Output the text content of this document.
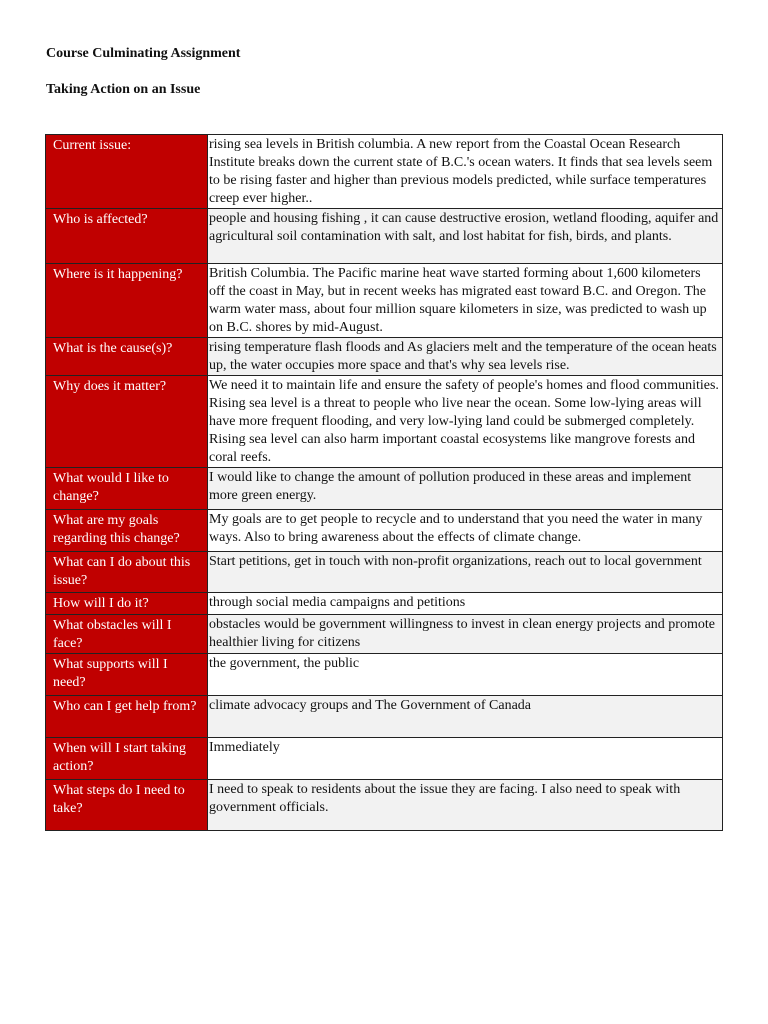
Course Culminating Assignment
Taking Action on an Issue
Current issue:	rising sea levels in British columbia. A new report from the Coastal Ocean Research Institute breaks down the current state of B.C.'s ocean waters. It finds that sea levels seem to be rising faster and higher than previous models predicted, while surface temperatures creep ever higher..
Who is affected?	people and housing fishing , it can cause destructive erosion, wetland flooding, aquifer and agricultural soil contamination with salt, and lost habitat for fish, birds, and plants.
Where is it happening?	British Columbia. The Pacific marine heat wave started forming about 1,600 kilometers off the coast in May, but in recent weeks has migrated east toward B.C. and Oregon. The warm water mass, about four million square kilometers in size, was predicted to wash up on B.C. shores by mid-August.
What is the cause(s)?	rising temperature flash floods and As glaciers melt and the temperature of the ocean heats up, the water occupies more space and that's why sea levels rise.
Why does it matter?	We need it to maintain life and ensure the safety of people's homes and flood communities. Rising sea level is a threat to people who live near the ocean. Some low-lying areas will have more frequent flooding, and very low-lying land could be submerged completely. Rising sea level can also harm important coastal ecosystems like mangrove forests and coral reefs.
What would I like to change?	I would like to change the amount of pollution produced in these areas and implement more green energy.
What are my goals regarding this change?	My goals are to get people to recycle and to understand that you need the water in many ways. Also to bring awareness about the effects of climate change.
What can I do about this issue?	Start petitions, get in touch with non-profit organizations, reach out to local government
How will I do it?	through social media campaigns and petitions
What obstacles will I face?	obstacles would be government willingness to invest in clean energy projects and promote healthier living for citizens
What supports will I need?	the government, the public
Who can I get help from?	climate advocacy groups and The Government of Canada
When will I start taking action?	Immediately
What steps do I need to take?	I need to speak to residents about the issue they are facing. I also need to speak with government officials.
